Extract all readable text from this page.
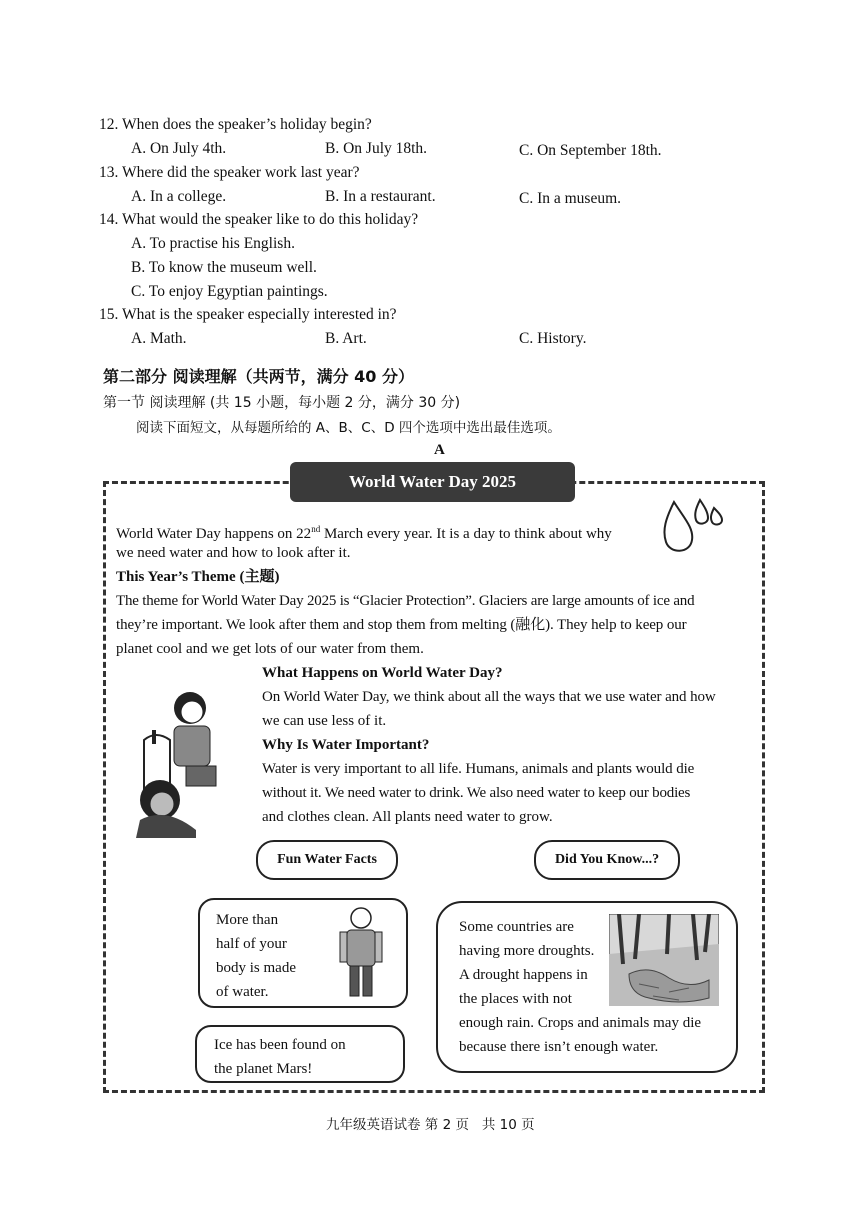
12. When does the speaker’s holiday begin?
A. On July 4th.	B. On July 18th.	C. On September 18th.
13. Where did the speaker work last year?
A. In a college.	B. In a restaurant.	C. In a museum.
14. What would the speaker like to do this holiday?
A. To practise his English.
B. To know the museum well.
C. To enjoy Egyptian paintings.
15. What is the speaker especially interested in?
A. Math.	B. Art.	C. History.
第二部分 阅读理解（共两节，满分 40 分）
第一节 阅读理解 (共 15 小题，每小题 2 分，满分 30 分)
阅读下面短文，从每题所给的 A、B、C、D 四个选项中选出最佳选项。
A
World Water Day 2025
World Water Day happens on 22nd March every year. It is a day to think about why
we need water and how to look after it.
This Year’s Theme (主题)
The theme for World Water Day 2025 is “Glacier Protection”. Glaciers are large amounts of ice and
they’re important. We look after them and stop them from melting (融化). They help to keep our
planet cool and we get lots of our water from them.
What Happens on World Water Day?
On World Water Day, we think about all the ways that we use water and how
we can use less of it.
Why Is Water Important?
Water is very important to all life. Humans, animals and plants would die
without it. We need water to drink. We also need water to keep our bodies
and clothes clean. All plants need water to grow.
Fun Water Facts	Did You Know...?
More than
half of your
body is made
of water.
Ice has been found on
the planet Mars!
Some countries are
having more droughts.
A drought happens in
the places with not
enough rain. Crops and animals may die
because there isn’t enough water.
九年级英语试卷 第 2 页   共 10 页
